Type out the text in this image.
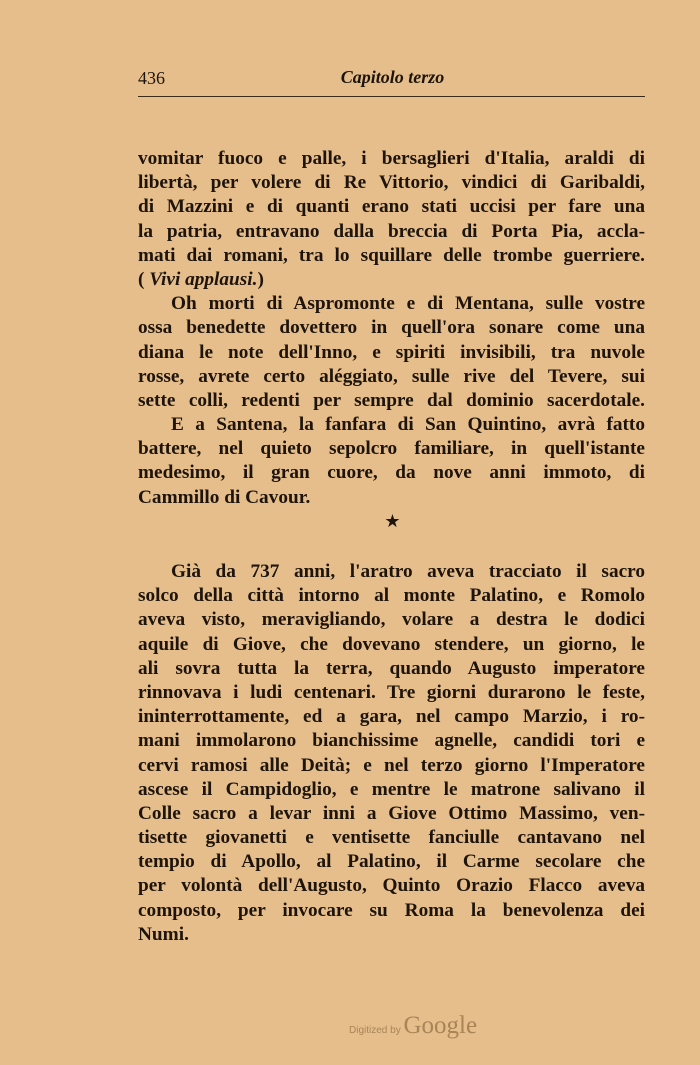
436	Capitolo terzo
vomitar fuoco e palle, i bersaglieri d'Italia, araldi di
libertà, per volere di Re Vittorio, vindici di Garibaldi,
di Mazzini e di quanti erano stati uccisi per fare una
la patria, entravano dalla breccia di Porta Pia, accla-
mati dai romani, tra lo squillare delle trombe guerriere.
( Vivi applausi.)
Oh morti di Aspromonte e di Mentana, sulle vostre
ossa benedette dovettero in quell'ora sonare come una
diana le note dell'Inno, e spiriti invisibili, tra nuvole
rosse, avrete certo aléggiato, sulle rive del Tevere, sui
sette colli, redenti per sempre dal dominio sacerdotale.
E a Santena, la fanfara di San Quintino, avrà fatto
battere, nel quieto sepolcro familiare, in quell'istante
medesimo, il gran cuore, da nove anni immoto, di
Cammillo di Cavour.
★
Già da 737 anni, l'aratro aveva tracciato il sacro
solco della città intorno al monte Palatino, e Romolo
aveva visto, meravigliando, volare a destra le dodici
aquile di Giove, che dovevano stendere, un giorno, le
ali sovra tutta la terra, quando Augusto imperatore
rinnovava i ludi centenari. Tre giorni durarono le feste,
ininterrottamente, ed a gara, nel campo Marzio, i ro-
mani immolarono bianchissime agnelle, candidi tori e
cervi ramosi alle Deità; e nel terzo giorno l'Imperatore
ascese il Campidoglio, e mentre le matrone salivano il
Colle sacro a levar inni a Giove Ottimo Massimo, ven-
tisette giovanetti e ventisette fanciulle cantavano nel
tempio di Apollo, al Palatino, il Carme secolare che
per volontà dell'Augusto, Quinto Orazio Flacco aveva
composto, per invocare su Roma la benevolenza dei
Numi.
Digitized by Google
